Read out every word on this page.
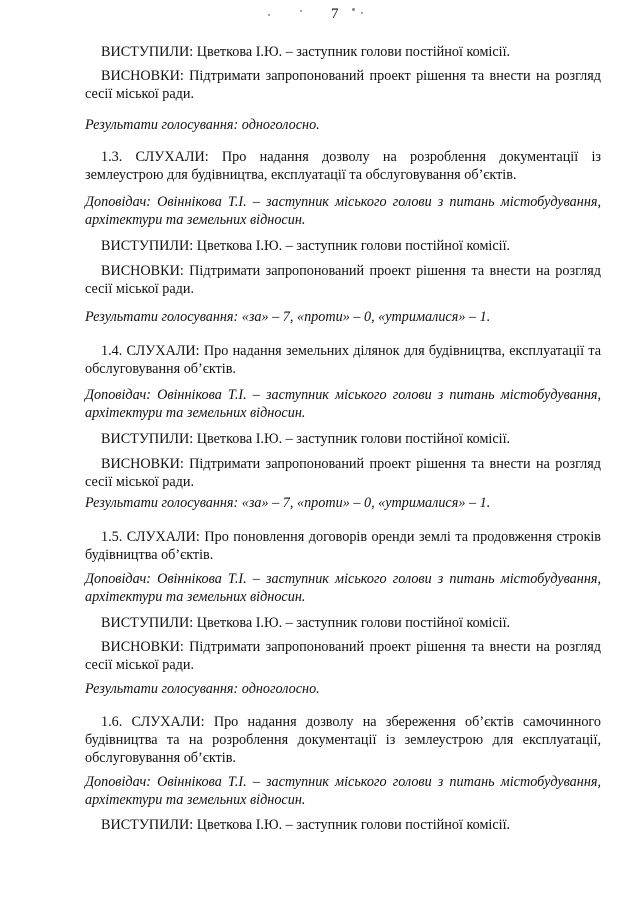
7

ВИСТУПИЛИ: Цветкова І.Ю. – заступник голови постійної комісії.

ВИСНОВКИ: Підтримати запропонований проект рішення та внести на розгляд сесії міської ради.

Результати голосування: одноголосно.

1.3. СЛУХАЛИ: Про надання дозволу на розроблення документації із землеустрою для будівництва, експлуатації та обслуговування об’єктів.

Доповідач: Овіннікова Т.І. – заступник міського голови з питань містобудування, архітектури та земельних відносин.

ВИСТУПИЛИ: Цветкова І.Ю. – заступник голови постійної комісії.

ВИСНОВКИ: Підтримати запропонований проект рішення та внести на розгляд сесії міської ради.

Результати голосування: «за» – 7, «проти» – 0, «утрималися» – 1.

1.4. СЛУХАЛИ: Про надання земельних ділянок для будівництва, експлуатації та обслуговування об’єктів.

Доповідач: Овіннікова Т.І. – заступник міського голови з питань містобудування, архітектури та земельних відносин.

ВИСТУПИЛИ: Цветкова І.Ю. – заступник голови постійної комісії.

ВИСНОВКИ: Підтримати запропонований проект рішення та внести на розгляд сесії міської ради.

Результати голосування: «за» – 7, «проти» – 0, «утрималися» – 1.

1.5. СЛУХАЛИ: Про поновлення договорів оренди землі та продовження строків будівництва об’єктів.

Доповідач: Овіннікова Т.І. – заступник міського голови з питань містобудування, архітектури та земельних відносин.

ВИСТУПИЛИ: Цветкова І.Ю. – заступник голови постійної комісії.

ВИСНОВКИ: Підтримати запропонований проект рішення та внести на розгляд сесії міської ради.

Результати голосування: одноголосно.

1.6. СЛУХАЛИ: Про надання дозволу на збереження об’єктів самочинного будівництва та на розроблення документації із землеустрою для експлуатації, обслуговування об’єктів.

Доповідач: Овіннікова Т.І. – заступник міського голови з питань містобудування, архітектури та земельних відносин.

ВИСТУПИЛИ: Цветкова І.Ю. – заступник голови постійної комісії.
